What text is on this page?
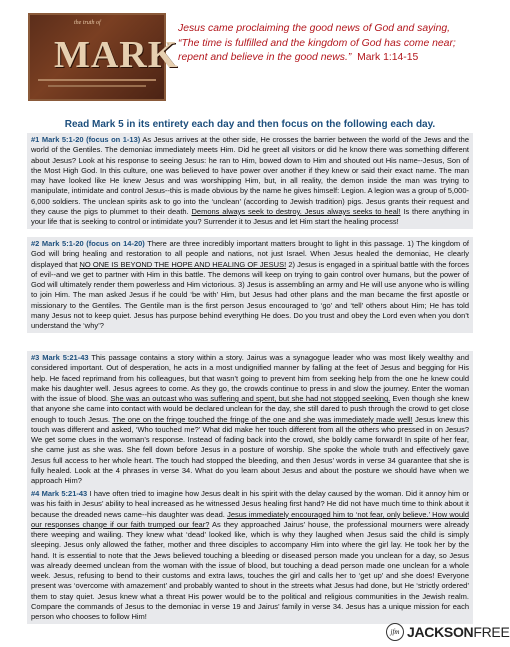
the truth of
MARK
Jesus came proclaiming the good news of God and saying,
“The time is fulfilled and the kingdom of God has come near;
repent and believe in the good news.” Mark 1:14-15
Read Mark 5 in its entirety each day and then focus on the following each day.
#1 Mark 5:1-20 (focus on 1-13) As Jesus arrives at the other side, He crosses the barrier between the world of the Jews and the world of the Gentiles. The demoniac immediately meets Him. Did he greet all visitors or did he know there was something different about Jesus? Look at his response to seeing Jesus: he ran to Him, bowed down to Him and shouted out His name--Jesus, Son of the Most High God. In this culture, one was believed to have power over another if they knew or said their exact name. The man may have looked like He knew Jesus and was worshipping Him, but, in all reality, the demon inside the man was trying to manipulate, intimidate and control Jesus--this is made obvious by the name he gives himself: Legion. A legion was a group of 5,000-6,000 soldiers. The unclean spirits ask to go into the ‘unclean’ (according to Jewish tradition) pigs. Jesus grants their request and they cause the pigs to plummet to their death. Demons always seek to destroy. Jesus always seeks to heal! Is there anything in your life that is seeking to control or intimidate you? Surrender it to Jesus and let Him start the healing process!
#2 Mark 5:1-20 (focus on 14-20) There are three incredibly important matters brought to light in this passage. 1) The kingdom of God will bring healing and restoration to all people and nations, not just Israel. When Jesus healed the demoniac, He clearly displayed that NO ONE IS BEYOND THE HOPE AND HEALING OF JESUS! 2) Jesus is engaged in a spiritual battle with the forces of evil--and we get to partner with Him in this battle. The demons will keep on trying to gain control over humans, but the power of God will ultimately render them powerless and Him victorious. 3) Jesus is assembling an army and He will use anyone who is willing to join Him. The man asked Jesus if he could ‘be with’ Him, but Jesus had other plans and the man became the first apostle or missionary to the Gentiles. The Gentile man is the first person Jesus encouraged to ‘go’ and ‘tell’ others about Him; He has told many Jesus not to keep quiet. Jesus has purpose behind everything He does. Do you trust and obey the Lord even when you don’t understand the ‘why’?
#3 Mark 5:21-43 This passage contains a story within a story. Jairus was a synagogue leader who was most likely wealthy and considered important. Out of desperation, he acts in a most undignified manner by falling at the feet of Jesus and begging for His help. He faced reprimand from his colleagues, but that wasn’t going to prevent him from seeking help from the one he knew could make his daughter well. Jesus agrees to come. As they go, the crowds continue to press in and slow the journey. Enter the woman with the issue of blood. She was an outcast who was suffering and spent, but she had not stopped seeking. Even though she knew that anyone she came into contact with would be declared unclean for the day, she still dared to push through the crowd to get close enough to touch Jesus. The one on the fringe touched the fringe of the one and she was immediately made well! Jesus knew this touch was different and asked, ‘Who touched me?’ What did make her touch different from all the others who pressed in on Jesus? We get some clues in the woman’s response. Instead of fading back into the crowd, she boldly came forward! In spite of her fear, she came just as she was. She fell down before Jesus in a posture of worship. She spoke the whole truth and effectively gave Jesus full access to her whole heart. The touch had stopped the bleeding, and then Jesus’ words in verse 34 guarantee that she is fully healed. Look at the 4 phrases in verse 34. What do you learn about Jesus and about the posture we should have when we approach Him?
#4 Mark 5:21-43 I have often tried to imagine how Jesus dealt in his spirit with the delay caused by the woman. Did it annoy him or was his faith in Jesus’ ability to heal increased as he witnessed Jesus healing first hand? He did not have much time to think about it because the dreaded news came--his daughter was dead. Jesus immediately encouraged him to ‘not fear, only believe.’ How would our responses change if our faith trumped our fear? As they approached Jairus’ house, the professional mourners were already there weeping and wailing. They knew what ‘dead’ looked like, which is why they laughed when Jesus said the child is simply sleeping. Jesus only allowed the father, mother and three disciples to accompany Him into where the girl lay. He took her by the hand. It is essential to note that the Jews believed touching a bleeding or diseased person made you unclean for a day, so Jesus was already deemed unclean from the woman with the issue of blood, but touching a dead person made one unclean for a whole week. Jesus, refusing to bend to their customs and extra laws, touches the girl and calls her to ‘get up’ and she does! Everyone present was ‘overcome with amazement’ and probably wanted to shout in the streets what Jesus had done, but He ‘strictly ordered’ them to stay quiet. Jesus knew what a threat His power would be to the political and religious communities in the Jewish realm. Compare the commands of Jesus to the demoniac in verse 19 and Jairus’ family in verse 34. Jesus has a unique mission for each person who chooses to follow Him!
jfm JACKSONFREE
